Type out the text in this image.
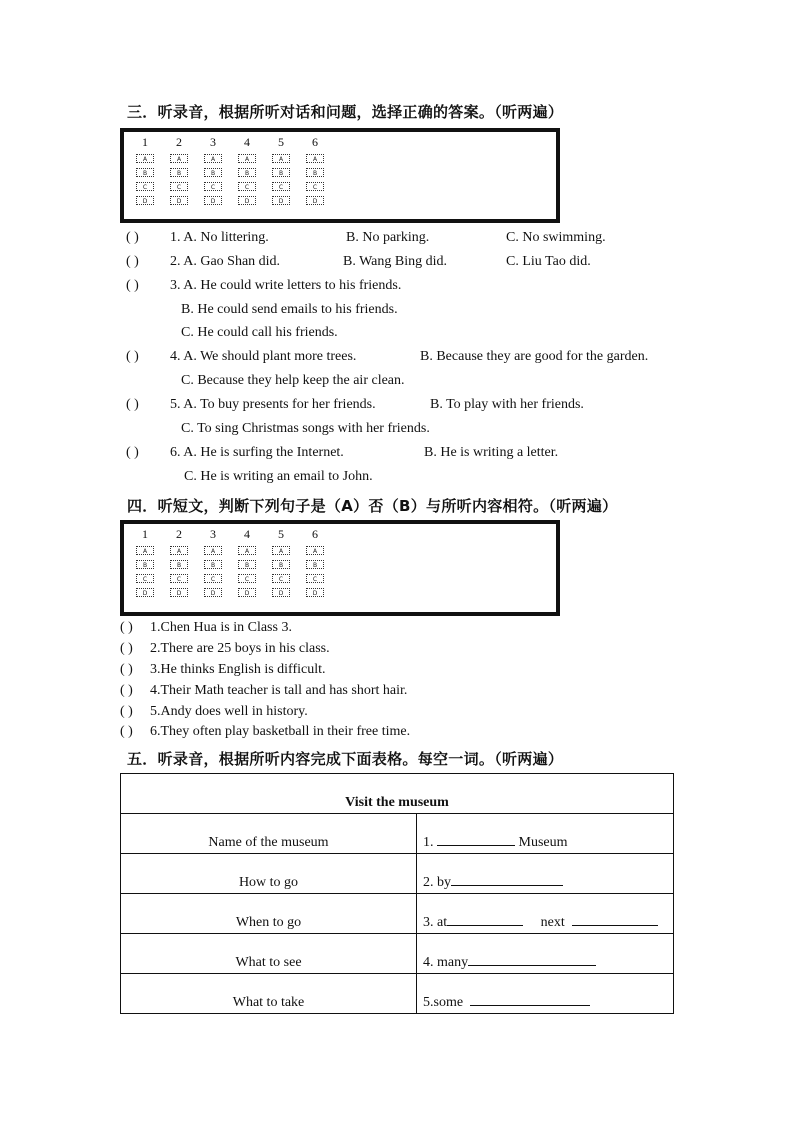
三．听录音，根据所听对话和问题，选择正确的答案。（听两遍）
1
A
B
C
D
2
A
B
C
D
3
A
B
C
D
4
A
B
C
D
5
A
B
C
D
6
A
B
C
D
( ) 1. A. No littering.	B. No parking.	C. No swimming.
( ) 2. A. Gao Shan did.	B. Wang Bing did.	C. Liu Tao did.
( ) 3. A. He could write letters to his friends.
B. He could send emails to his friends.
C. He could call his friends.
( ) 4. A. We should plant more trees.	B. Because they are good for the garden.
C. Because they help keep the air clean.
( ) 5. A. To buy presents for her friends.	B. To play with her friends.
C. To sing Christmas songs with her friends.
( ) 6. A. He is surfing the Internet.	B. He is writing a letter.
C. He is writing an email to John.
四．听短文，判断下列句子是（A）否（B）与所听内容相符。（听两遍）
1
A
B
C
D
2
A
B
C
D
3
A
B
C
D
4
A
B
C
D
5
A
B
C
D
6
A
B
C
D
( ) 1.Chen Hua is in Class 3.
( ) 2.There are 25 boys in his class.
( ) 3.He thinks English is difficult.
( ) 4.Their Math teacher is tall and has short hair.
( ) 5.Andy does well in history.
( ) 6.They often play basketball in their free time.
五．听录音，根据所听内容完成下面表格。每空一词。（听两遍）
Visit the museum	
Name of the museum	1. Museum
How to go	2. by
When to go	3. at next
What to see	4. many
What to take	5.some
